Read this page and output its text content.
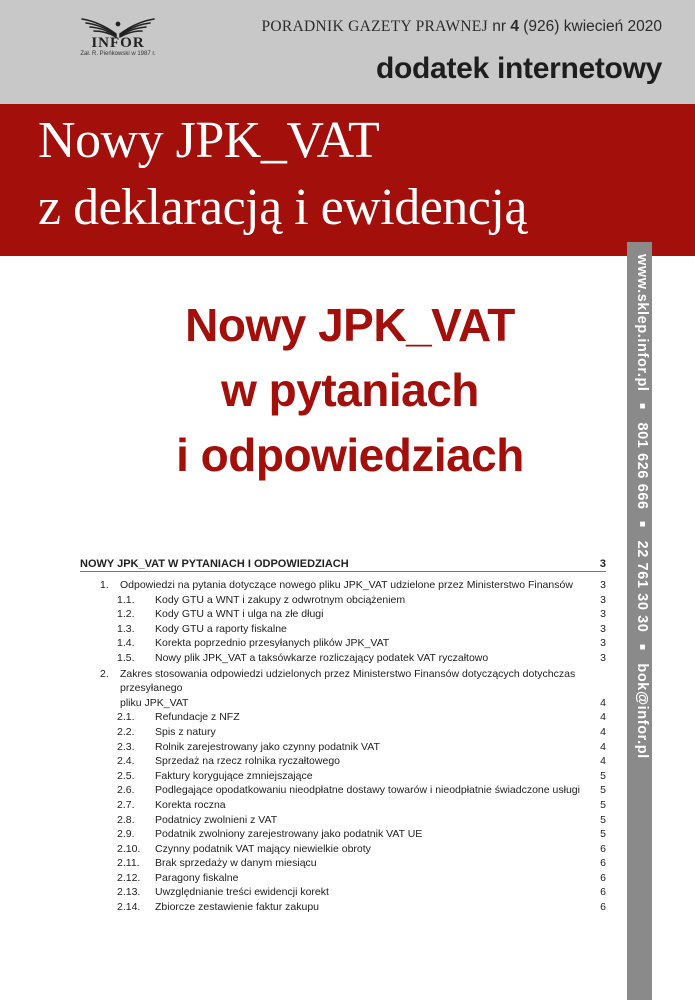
INFOR
Zał. R. Pieńkowski w 1987 r.
PORADNIK GAZETY PRAWNEJ nr 4 (926) kwiecień 2020
dodatek internetowy
Nowy JPK_VAT
z deklaracją i ewidencją
www.sklep.infor.pl ■ 801 626 666 ■ 22 761 30 30 ■ bok@infor.pl
Nowy JPK_VAT
w pytaniach
i odpowiedziach
NOWY JPK_VAT W PYTANIACH I ODPOWIEDZIACH	3
1.	Odpowiedzi na pytania dotyczące nowego pliku JPK_VAT udzielone przez Ministerstwo Finansów	3
1.1.	Kody GTU a WNT i zakupy z odwrotnym obciążeniem	3
1.2.	Kody GTU a WNT i ulga na złe długi	3
1.3.	Kody GTU a raporty fiskalne	3
1.4.	Korekta poprzednio przesyłanych plików JPK_VAT	3
1.5.	Nowy plik JPK_VAT a taksówkarze rozliczający podatek VAT ryczałtowo	3
2.	Zakres stosowania odpowiedzi udzielonych przez Ministerstwo Finansów dotyczących dotychczas przesyłanego
pliku JPK_VAT	4
2.1.	Refundacje z NFZ	4
2.2.	Spis z natury	4
2.3.	Rolnik zarejestrowany jako czynny podatnik VAT	4
2.4.	Sprzedaż na rzecz rolnika ryczałtowego	4
2.5.	Faktury korygujące zmniejszające	5
2.6.	Podlegające opodatkowaniu nieodpłatne dostawy towarów i nieodpłatnie świadczone usługi	5
2.7.	Korekta roczna	5
2.8.	Podatnicy zwolnieni z VAT	5
2.9.	Podatnik zwolniony zarejestrowany jako podatnik VAT UE	5
2.10.	Czynny podatnik VAT mający niewielkie obroty	6
2.11.	Brak sprzedaży w danym miesiącu	6
2.12.	Paragony fiskalne	6
2.13.	Uwzględnianie treści ewidencji korekt	6
2.14.	Zbiorcze zestawienie faktur zakupu	6
